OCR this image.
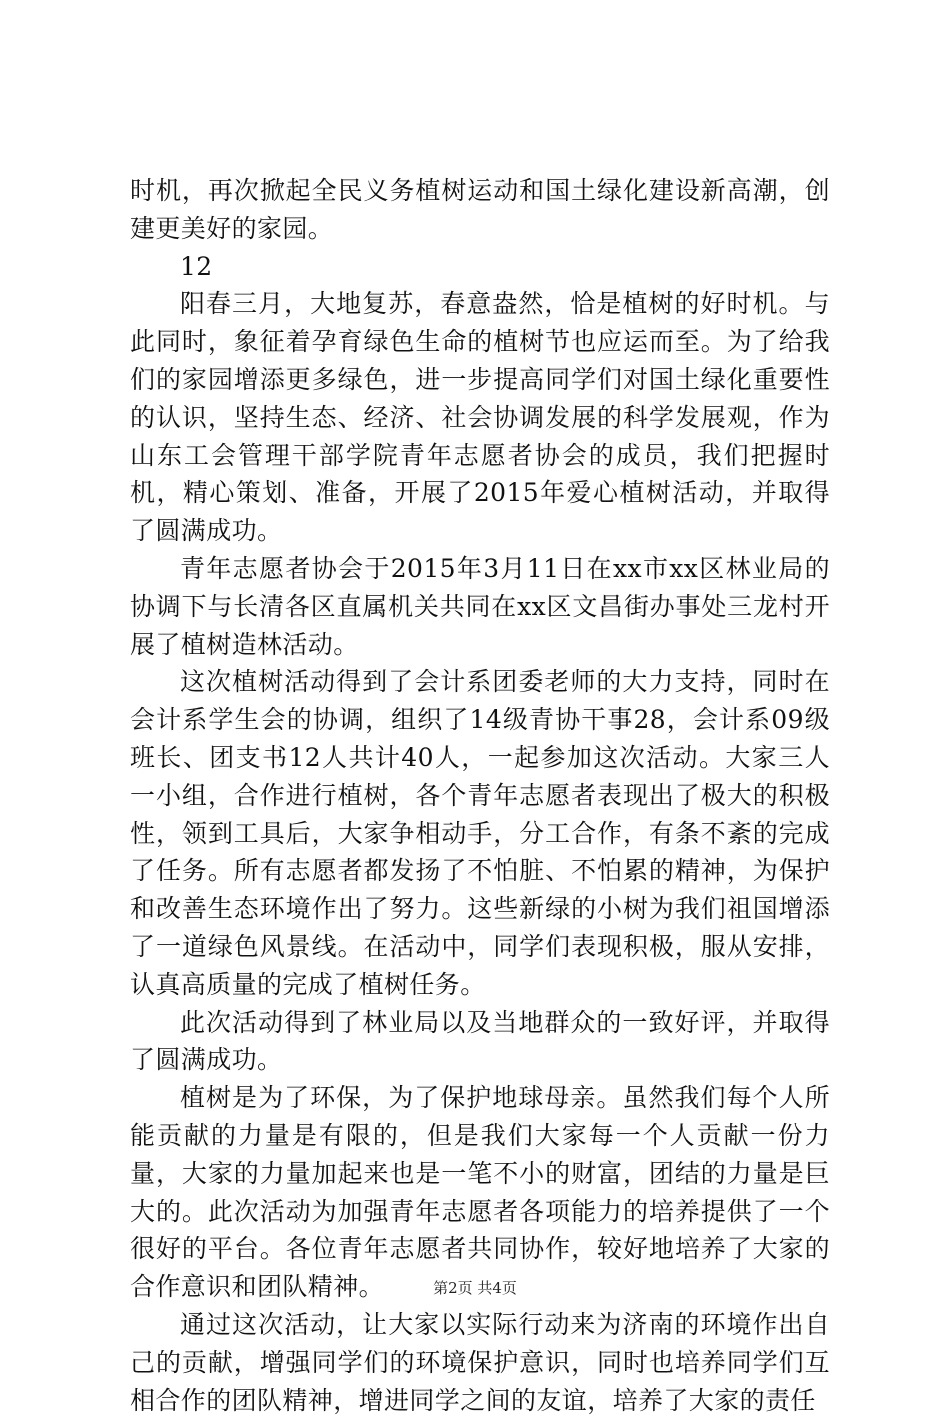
时机，再次掀起全民义务植树运动和国土绿化建设新高潮，创建更美好的家园。

12

阳春三月，大地复苏，春意盎然，恰是植树的好时机。与此同时，象征着孕育绿色生命的植树节也应运而至。为了给我们的家园增添更多绿色，进一步提高同学们对国土绿化重要性的认识，坚持生态、经济、社会协调发展的科学发展观，作为山东工会管理干部学院青年志愿者协会的成员，我们把握时机，精心策划、准备，开展了2015年爱心植树活动，并取得了圆满成功。

青年志愿者协会于2015年3月11日在xx市xx区林业局的协调下与长清各区直属机关共同在xx区文昌街办事处三龙村开展了植树造林活动。

这次植树活动得到了会计系团委老师的大力支持，同时在会计系学生会的协调，组织了14级青协干事28，会计系09级班长、团支书12人共计40人，一起参加这次活动。大家三人一小组，合作进行植树，各个青年志愿者表现出了极大的积极性，领到工具后，大家争相动手，分工合作，有条不紊的完成了任务。所有志愿者都发扬了不怕脏、不怕累的精神，为保护和改善生态环境作出了努力。这些新绿的小树为我们祖国增添了一道绿色风景线。在活动中，同学们表现积极，服从安排，认真高质量的完成了植树任务。

此次活动得到了林业局以及当地群众的一致好评，并取得了圆满成功。

植树是为了环保，为了保护地球母亲。虽然我们每个人所能贡献的力量是有限的，但是我们大家每一个人贡献一份力量，大家的力量加起来也是一笔不小的财富，团结的力量是巨大的。此次活动为加强青年志愿者各项能力的培养提供了一个很好的平台。各位青年志愿者共同协作，较好地培养了大家的合作意识和团队精神。

通过这次活动，让大家以实际行动来为济南的环境作出自己的贡献，增强同学们的环境保护意识，同时也培养同学们互相合作的团队精神，增进同学之间的友谊，培养了大家的责任

第2页 共4页
